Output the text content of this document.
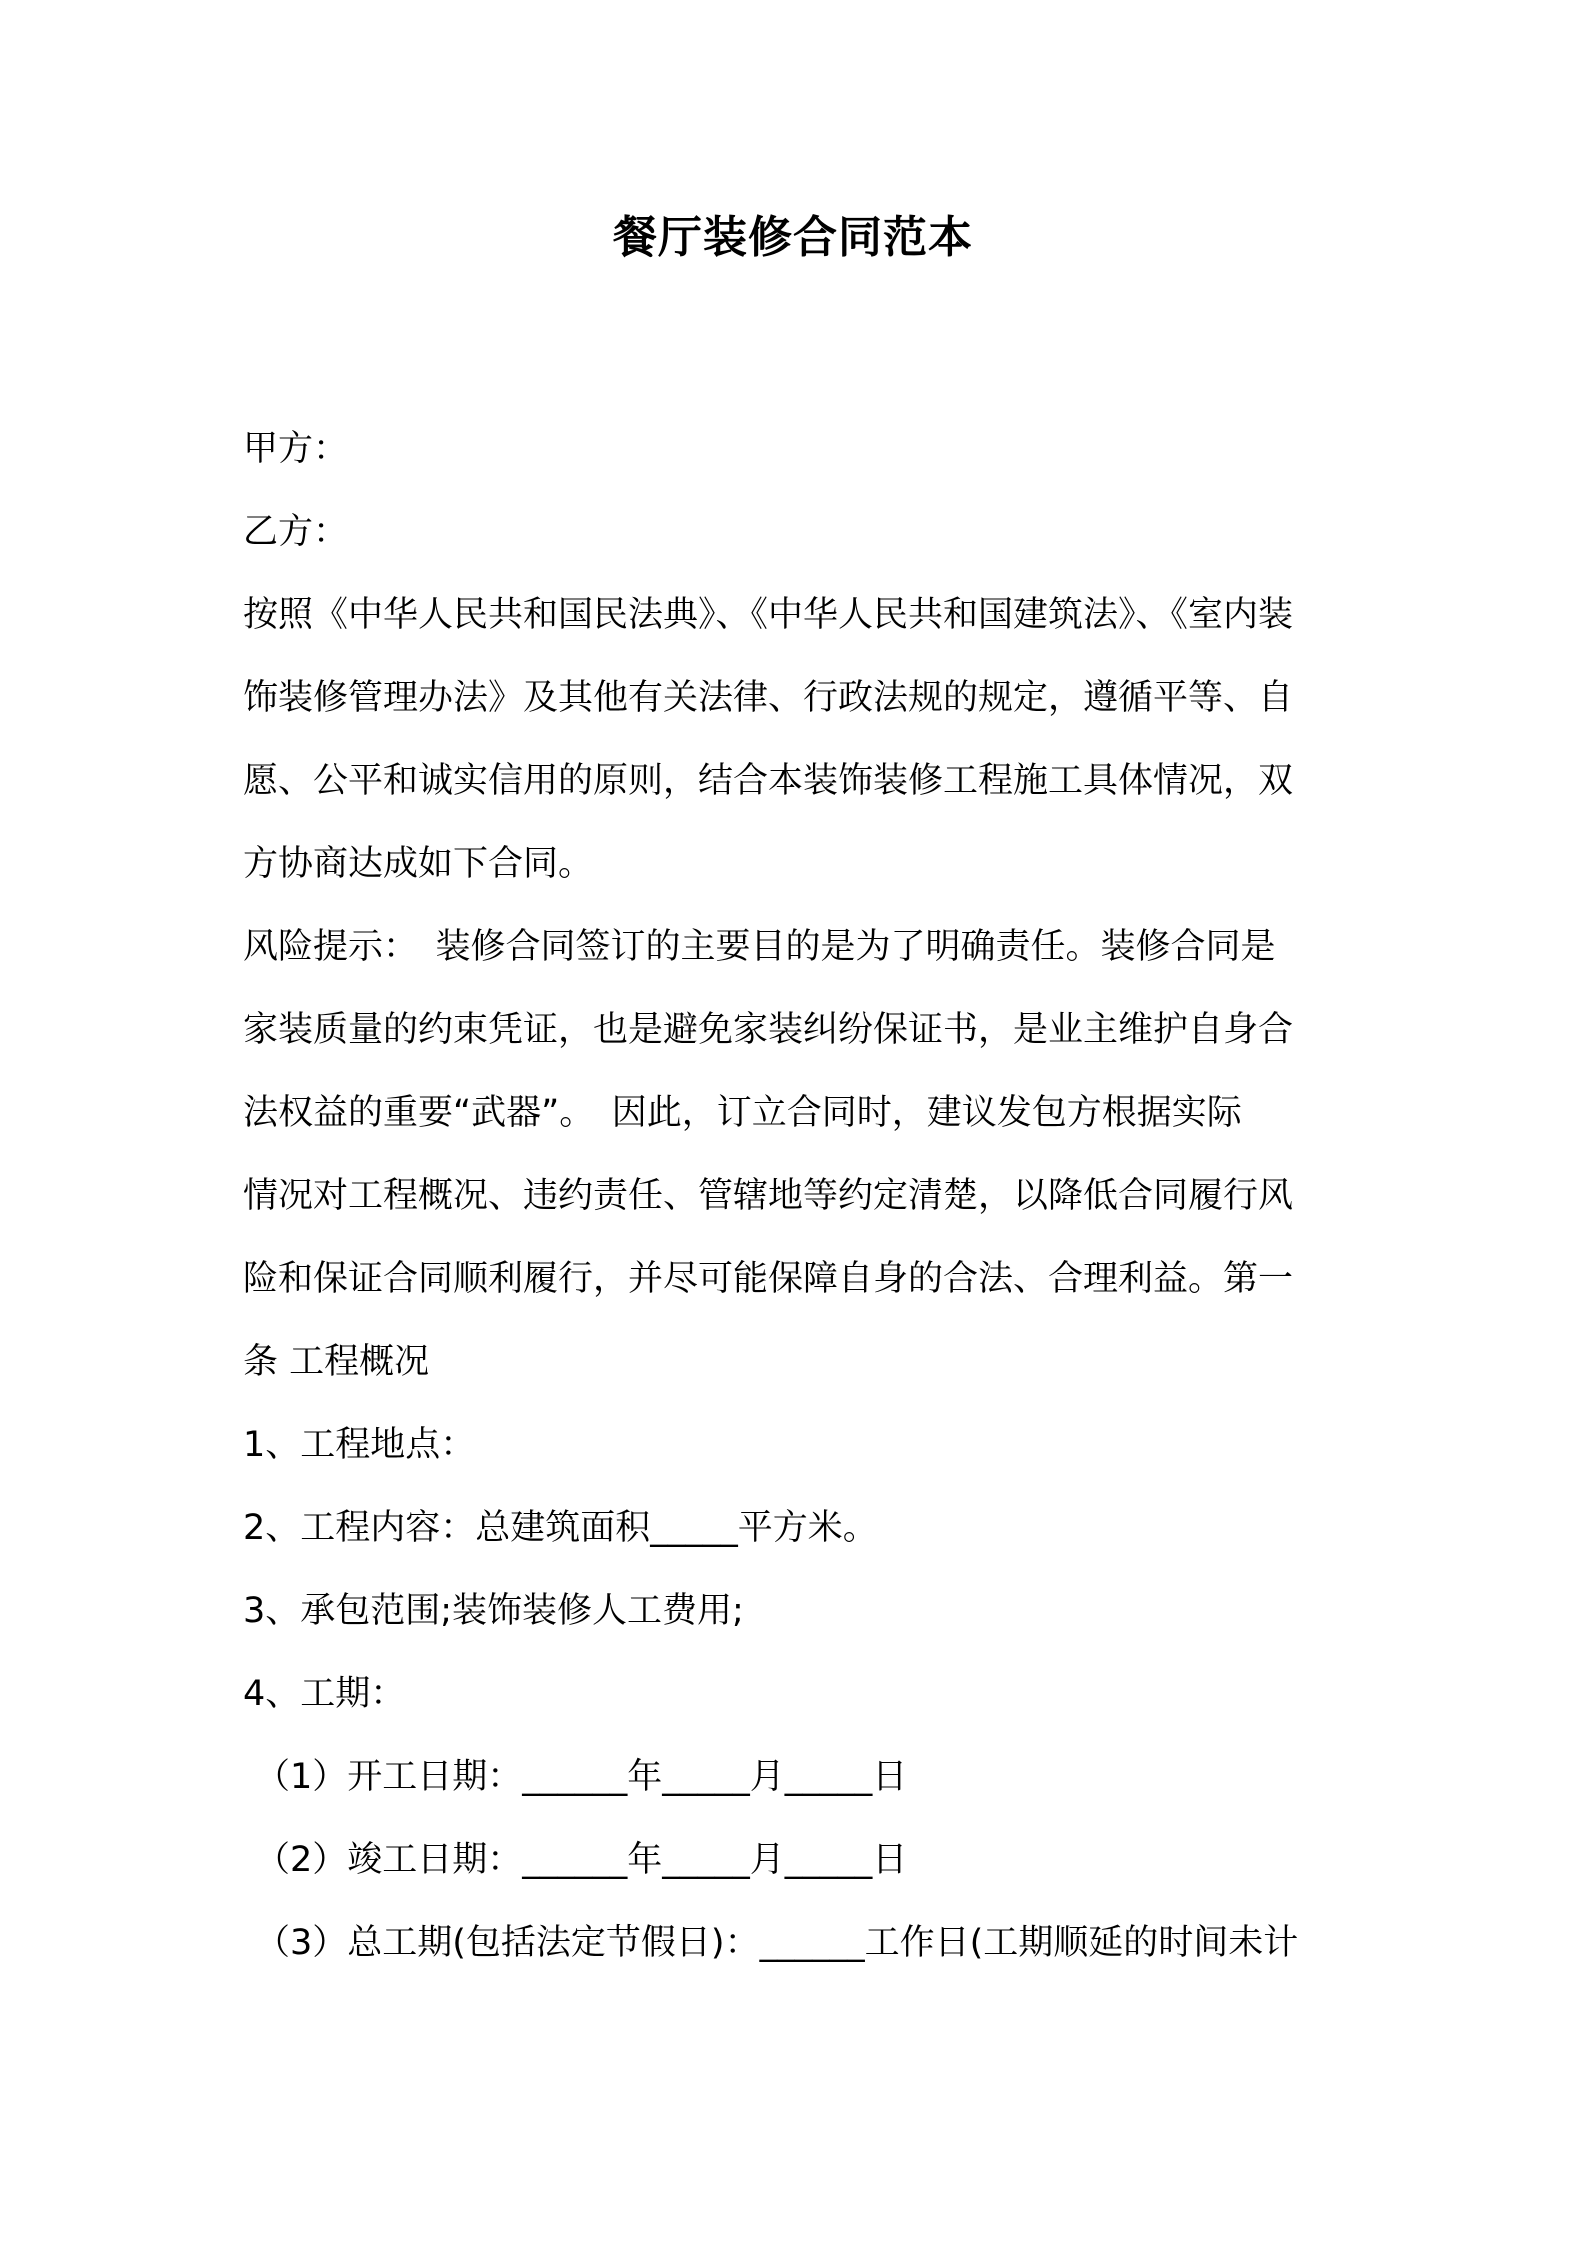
餐厅装修合同范本
甲方：
乙方：
按照《中华人民共和国民法典》、《中华人民共和国建筑法》、《室内装
饰装修管理办法》及其他有关法律、行政法规的规定，遵循平等、自
愿、公平和诚实信用的原则，结合本装饰装修工程施工具体情况，双
方协商达成如下合同。
风险提示：　装修合同签订的主要目的是为了明确责任。装修合同是
家装质量的约束凭证，也是避免家装纠纷保证书，是业主维护自身合
法权益的重要“武器”。　因此，订立合同时，建议发包方根据实际
情况对工程概况、违约责任、管辖地等约定清楚，以降低合同履行风
险和保证合同顺利履行，并尽可能保障自身的合法、合理利益。第一
条 工程概况
1、工程地点：
2、工程内容：总建筑面积_____平方米。
3、承包范围;装饰装修人工费用;
4、工期：
（1）开工日期：______年_____月_____日
（2）竣工日期：______年_____月_____日
（3）总工期(包括法定节假日)：______工作日(工期顺延的时间未计
